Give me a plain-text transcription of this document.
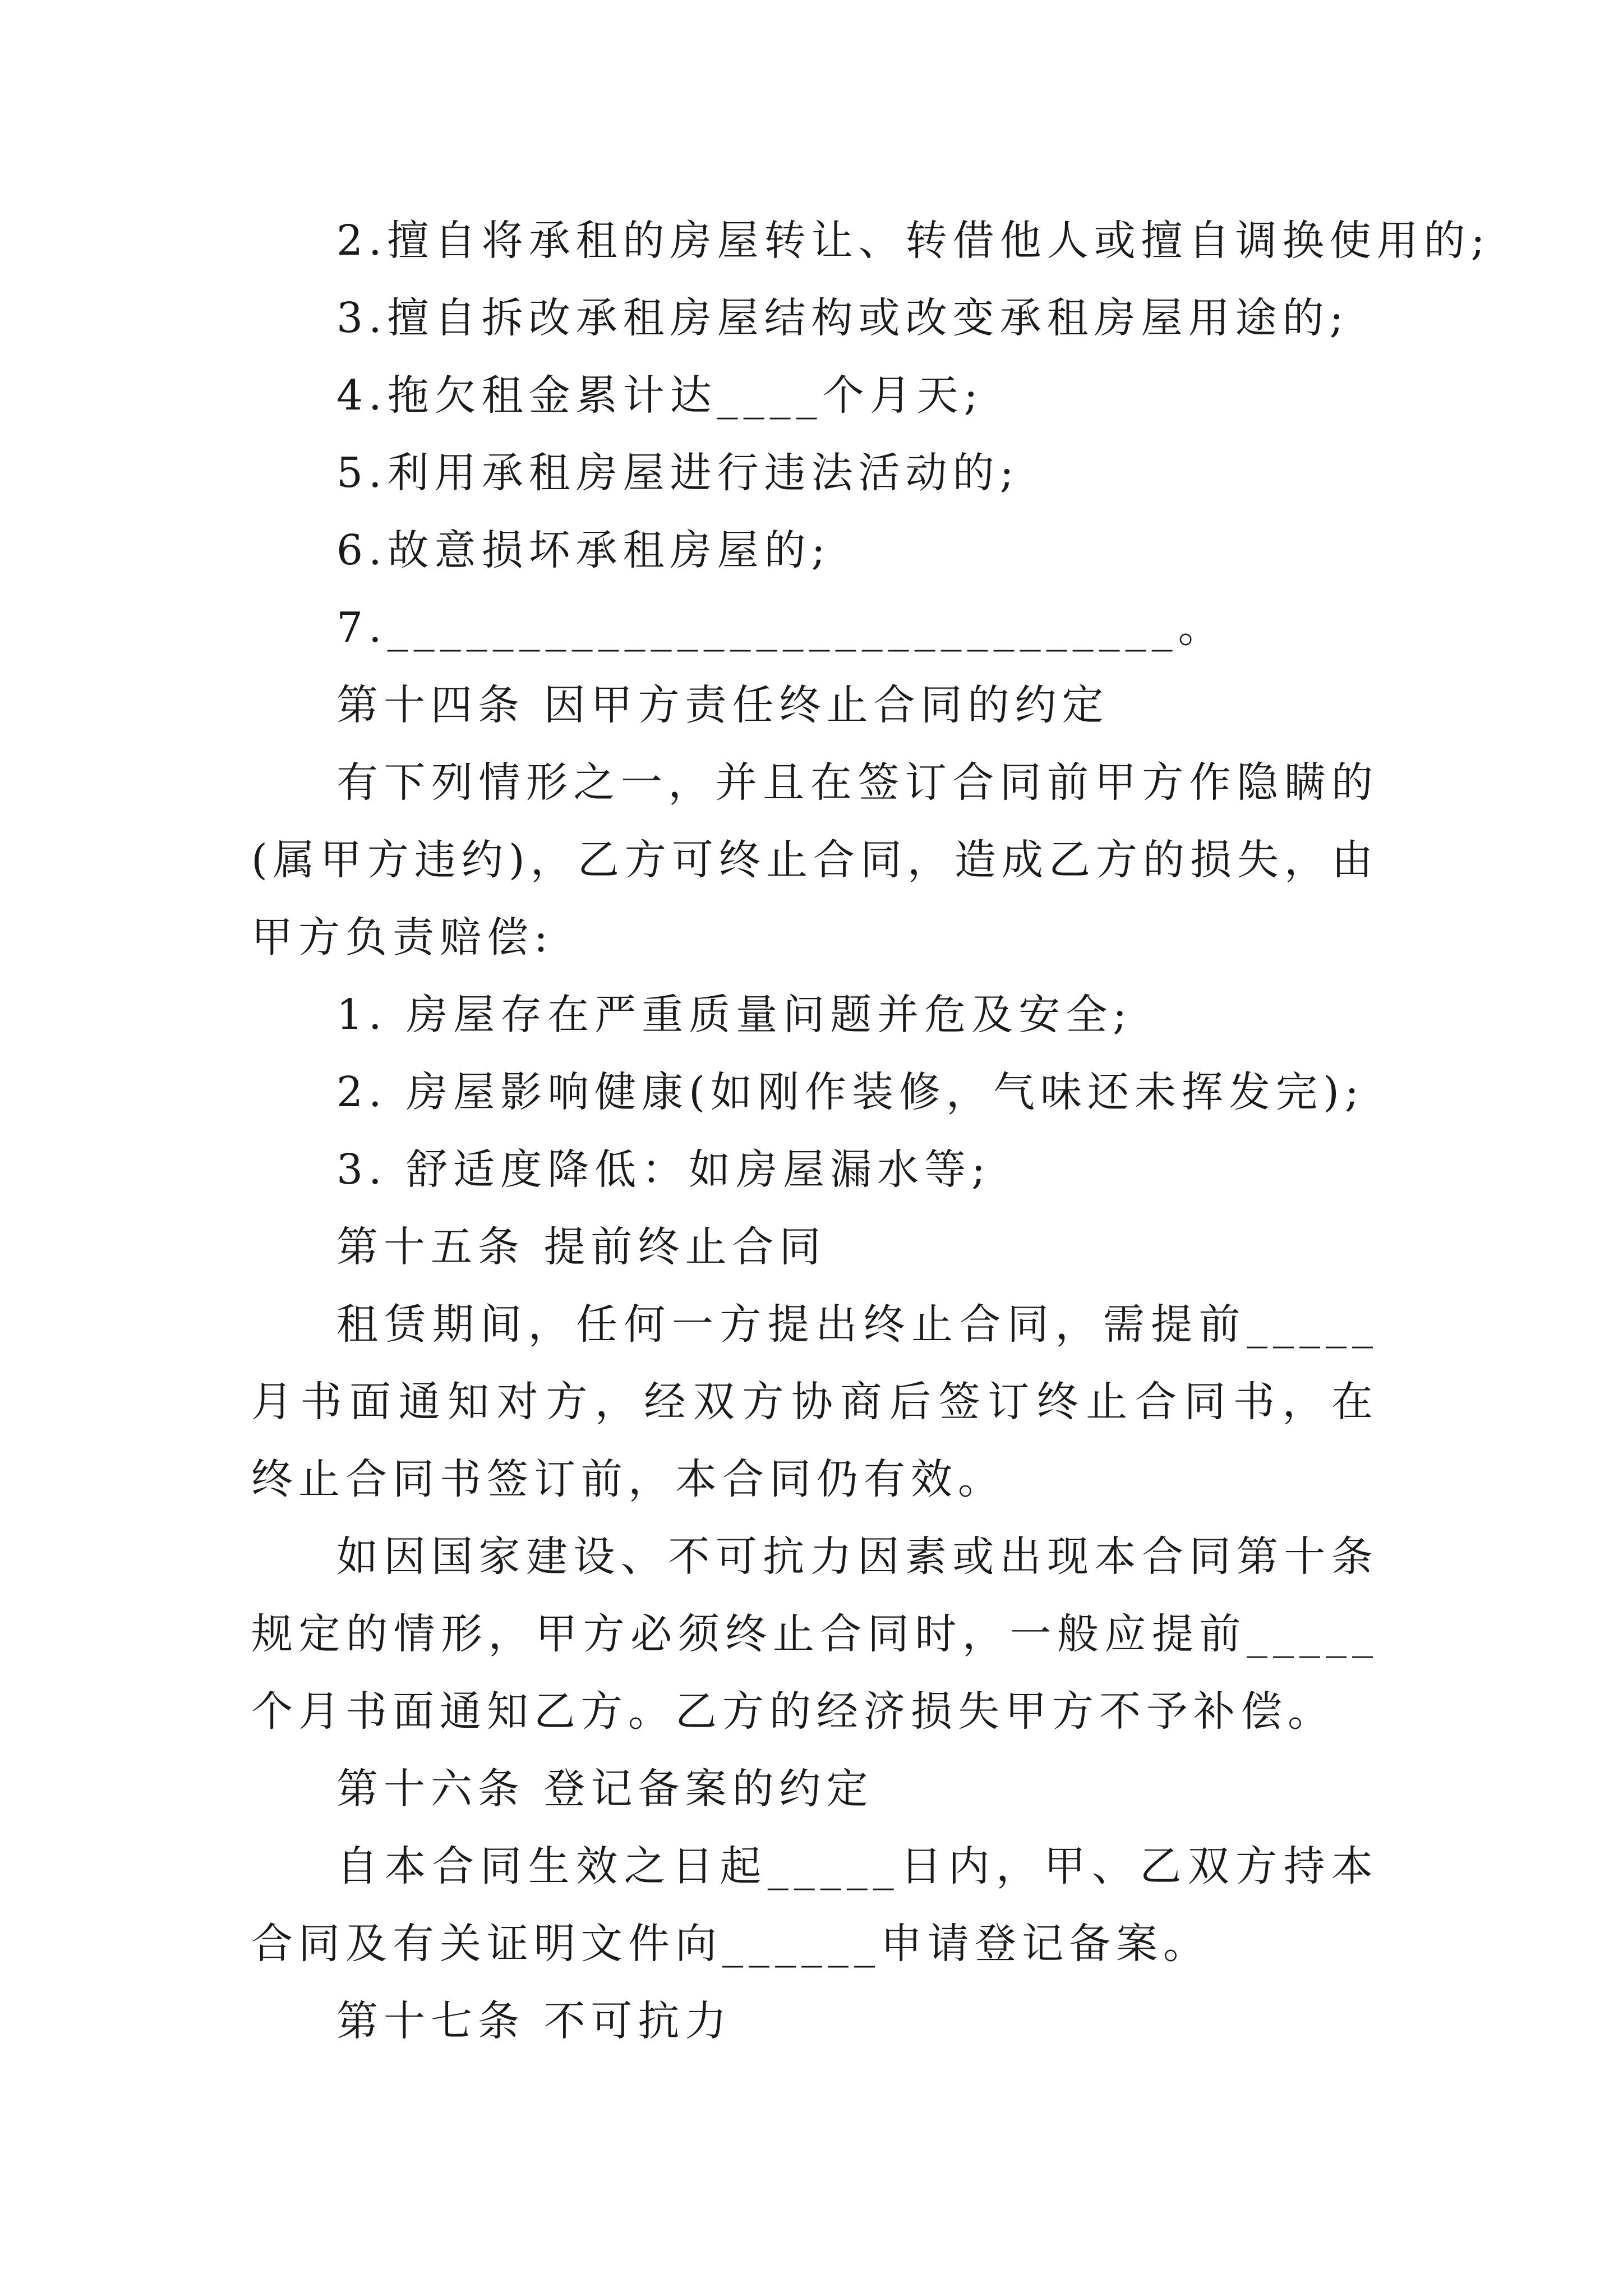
2.擅自将承租的房屋转让、转借他人或擅自调换使用的;

3.擅自拆改承租房屋结构或改变承租房屋用途的;

4.拖欠租金累计达____个月天;

5.利用承租房屋进行违法活动的;

6.故意损坏承租房屋的;

7.______________________________。

第十四条 因甲方责任终止合同的约定

有下列情形之一，并且在签订合同前甲方作隐瞒的(属甲方违约)，乙方可终止合同，造成乙方的损失，由甲方负责赔偿:

1. 房屋存在严重质量问题并危及安全;

2. 房屋影响健康(如刚作装修，气味还未挥发完);

3. 舒适度降低：如房屋漏水等;

第十五条 提前终止合同

租赁期间，任何一方提出终止合同，需提前_____月书面通知对方，经双方协商后签订终止合同书，在终止合同书签订前，本合同仍有效。

如因国家建设、不可抗力因素或出现本合同第十条规定的情形，甲方必须终止合同时，一般应提前_____个月书面通知乙方。乙方的经济损失甲方不予补偿。

第十六条 登记备案的约定

自本合同生效之日起_____日内，甲、乙双方持本合同及有关证明文件向______申请登记备案。

第十七条 不可抗力
